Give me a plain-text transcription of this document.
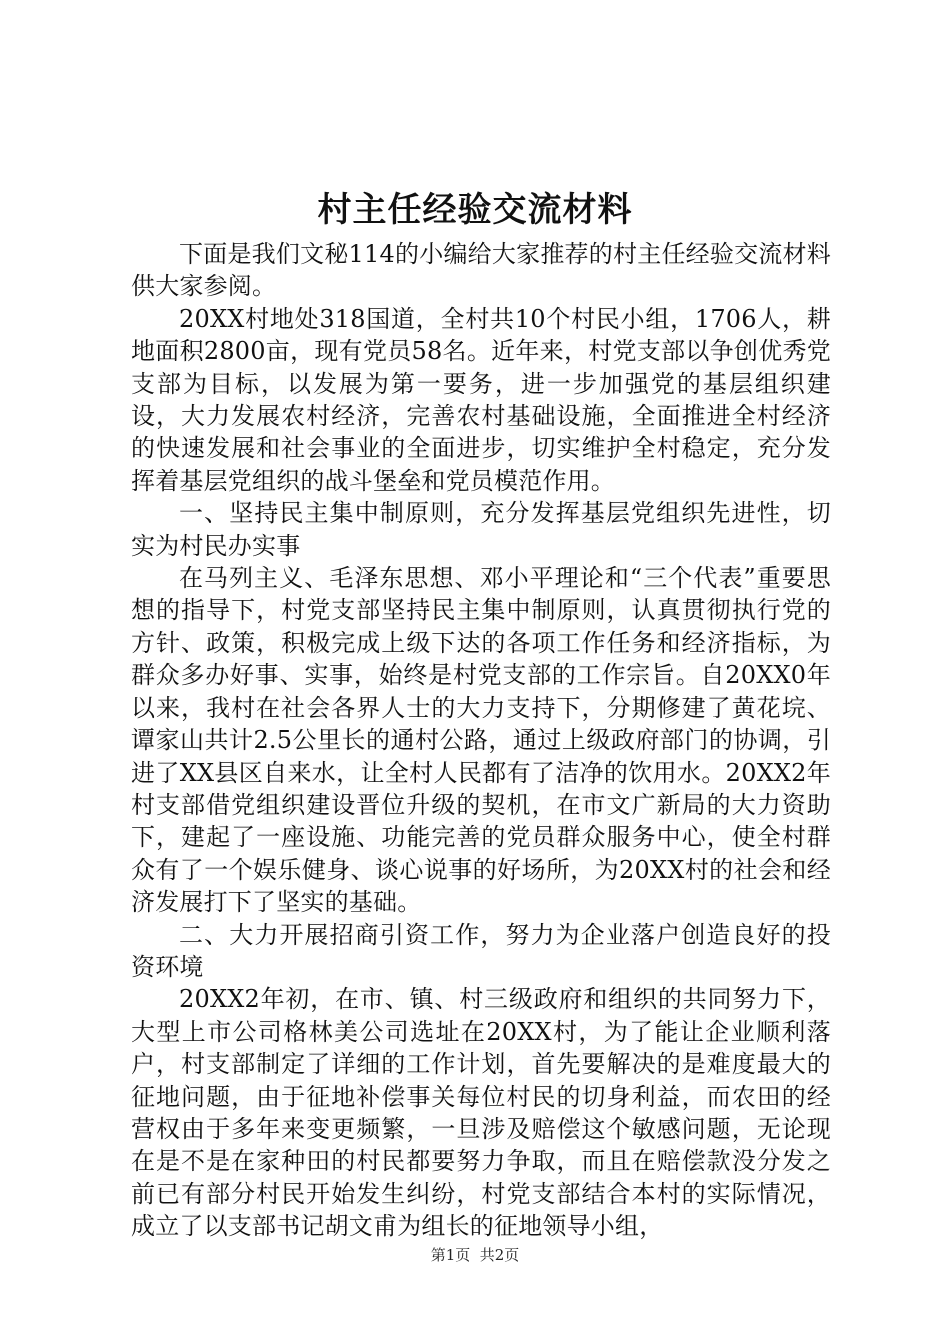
村主任经验交流材料

下面是我们文秘114的小编给大家推荐的村主任经验交流材料供大家参阅。

20XX村地处318国道，全村共10个村民小组，1706人，耕地面积2800亩，现有党员58名。近年来，村党支部以争创优秀党支部为目标，以发展为第一要务，进一步加强党的基层组织建设，大力发展农村经济，完善农村基础设施，全面推进全村经济的快速发展和社会事业的全面进步，切实维护全村稳定，充分发挥着基层党组织的战斗堡垒和党员模范作用。

一、坚持民主集中制原则，充分发挥基层党组织先进性，切实为村民办实事

在马列主义、毛泽东思想、邓小平理论和“三个代表”重要思想的指导下，村党支部坚持民主集中制原则，认真贯彻执行党的方针、政策，积极完成上级下达的各项工作任务和经济指标，为群众多办好事、实事，始终是村党支部的工作宗旨。自20XX0年以来，我村在社会各界人士的大力支持下，分期修建了黄花垸、谭家山共计2.5公里长的通村公路，通过上级政府部门的协调，引进了XX县区自来水，让全村人民都有了洁净的饮用水。20XX2年村支部借党组织建设晋位升级的契机，在市文广新局的大力资助下，建起了一座设施、功能完善的党员群众服务中心，使全村群众有了一个娱乐健身、谈心说事的好场所，为20XX村的社会和经济发展打下了坚实的基础。

二、大力开展招商引资工作，努力为企业落户创造良好的投资环境

20XX2年初，在市、镇、村三级政府和组织的共同努力下，大型上市公司格林美公司选址在20XX村，为了能让企业顺利落户，村支部制定了详细的工作计划，首先要解决的是难度最大的征地问题，由于征地补偿事关每位村民的切身利益，而农田的经营权由于多年来变更频繁，一旦涉及赔偿这个敏感问题，无论现在是不是在家种田的村民都要努力争取，而且在赔偿款没分发之前已有部分村民开始发生纠纷，村党支部结合本村的实际情况，成立了以支部书记胡文甫为组长的征地领导小组，

第1页  共2页
